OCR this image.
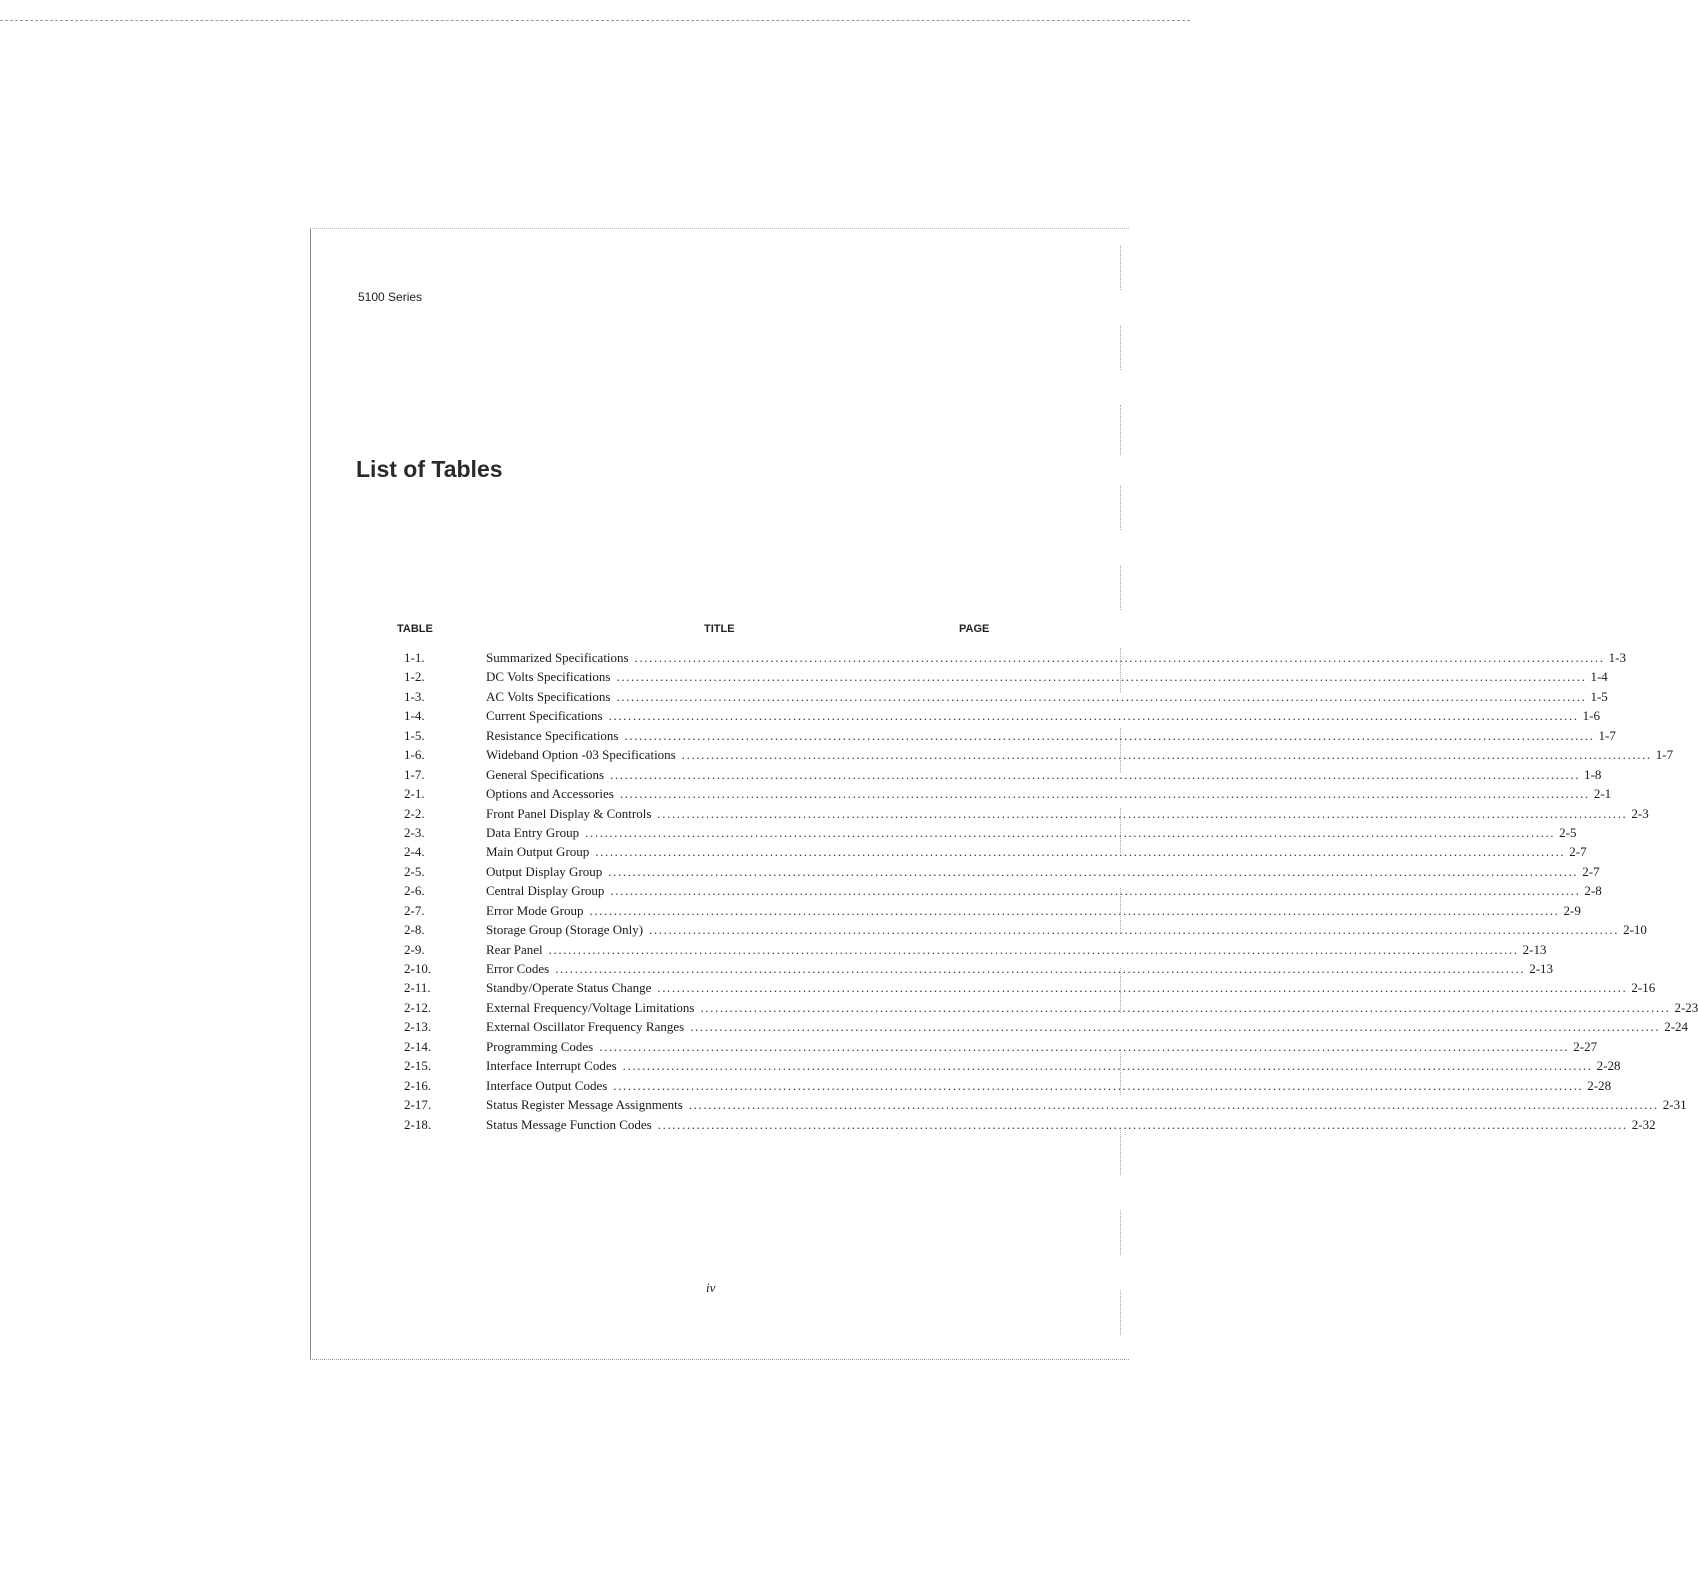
5100 Series
List of Tables
TABLE	TITLE	PAGE
1-1.	Summarized Specifications ........................................................................................................................................................................................................ 1-3
1-2.	DC Volts Specifications ........................................................................................................................................................................................................ 1-4
1-3.	AC Volts Specifications ........................................................................................................................................................................................................ 1-5
1-4.	Current Specifications ........................................................................................................................................................................................................ 1-6
1-5.	Resistance Specifications ........................................................................................................................................................................................................ 1-7
1-6.	Wideband Option -03 Specifications ........................................................................................................................................................................................................ 1-7
1-7.	General Specifications ........................................................................................................................................................................................................ 1-8
2-1.	Options and Accessories ........................................................................................................................................................................................................ 2-1
2-2.	Front Panel Display & Controls ........................................................................................................................................................................................................ 2-3
2-3.	Data Entry Group ........................................................................................................................................................................................................ 2-5
2-4.	Main Output Group ........................................................................................................................................................................................................ 2-7
2-5.	Output Display Group ........................................................................................................................................................................................................ 2-7
2-6.	Central Display Group ........................................................................................................................................................................................................ 2-8
2-7.	Error Mode Group ........................................................................................................................................................................................................ 2-9
2-8.	Storage Group (Storage Only) ........................................................................................................................................................................................................ 2-10
2-9.	Rear Panel ........................................................................................................................................................................................................ 2-13
2-10.	Error Codes ........................................................................................................................................................................................................ 2-13
2-11.	Standby/Operate Status Change ........................................................................................................................................................................................................ 2-16
2-12.	External Frequency/Voltage Limitations ........................................................................................................................................................................................................ 2-23
2-13.	External Oscillator Frequency Ranges ........................................................................................................................................................................................................ 2-24
2-14.	Programming Codes ........................................................................................................................................................................................................ 2-27
2-15.	Interface Interrupt Codes ........................................................................................................................................................................................................ 2-28
2-16.	Interface Output Codes ........................................................................................................................................................................................................ 2-28
2-17.	Status Register Message Assignments ........................................................................................................................................................................................................ 2-31
2-18.	Status Message Function Codes ........................................................................................................................................................................................................ 2-32
iv
